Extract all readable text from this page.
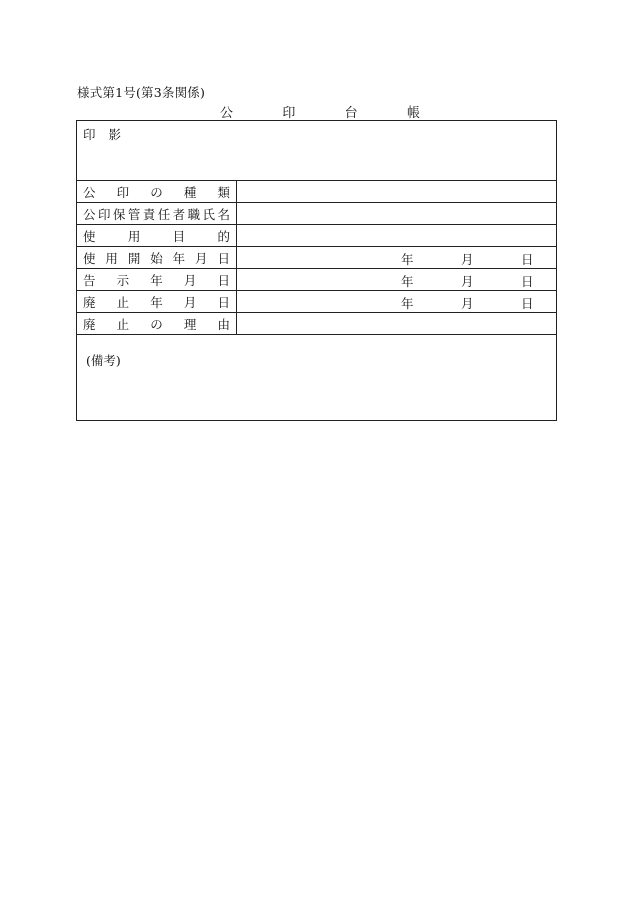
様式第1号(第3条関係)
公	印	台	帳
印 影
公 印 の 種 類
公 印 保 管 責 任 者 職 氏 名
使	用	目	的
使 用 開 始 年 月 日	年	月	日
告 示 年 月 日	年	月	日
廃 止 年 月 日	年	月	日
廃 止 の 理 由
(備考)
